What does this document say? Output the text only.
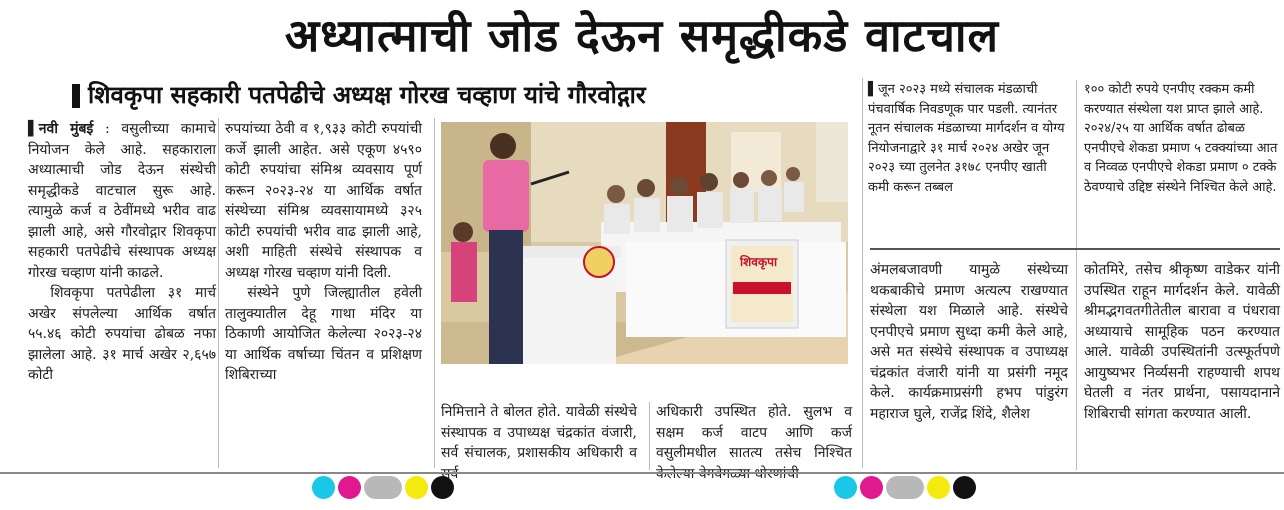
अध्यात्माची जोड देऊन समृद्धीकडे वाटचाल
शिवकृपा सहकारी पतपेढीचे अध्यक्ष गोरख चव्हाण यांचे गौरवोद्गार

▌नवी मुंबई : वसुलीच्या कामाचे नियोजन केले आहे. सहकाराला अध्यात्माची जोड देऊन संस्थेची समृद्धीकडे वाटचाल सुरू आहे. त्यामुळे कर्ज व ठेवींमध्ये भरीव वाढ झाली आहे, असे गौरवोद्गार शिवकृपा सहकारी पतपेढीचे संस्थापक अध्यक्ष गोरख चव्हाण यांनी काढले.

शिवकृपा पतपेढीला ३१ मार्च अखेर संपलेल्या आर्थिक वर्षात ५५.४६ कोटी रुपयांचा ढोबळ नफा झालेला आहे. ३१ मार्च अखेर २,६५७ कोटी

रुपयांच्या ठेवी व १,९३३ कोटी रुपयांची कर्जे झाली आहेत. असे एकूण ४५९० कोटी रुपयांचा संमिश्र व्यवसाय पूर्ण करून २०२३-२४ या आर्थिक वर्षात संस्थेच्या संमिश्र व्यवसायामध्ये ३२५ कोटी रुपयांची भरीव वाढ झाली आहे, अशी माहिती संस्थेचे संस्थापक व अध्यक्ष गोरख चव्हाण यांनी दिली.

संस्थेने पुणे जिल्ह्यातील हवेली तालुक्यातील देहू गाथा मंदिर या ठिकाणी आयोजित केलेल्या २०२३-२४ या आर्थिक वर्षाच्या चिंतन व प्रशिक्षण शिबिराच्या

शिवकृपा

निमित्ताने ते बोलत होते. यावेळी संस्थेचे संस्थापक व उपाध्यक्ष चंद्रकांत वंजारी, सर्व संचालक, प्रशासकीय अधिकारी व

अधिकारी उपस्थित होते. सुलभ व सक्षम कर्ज वाटप आणि कर्ज वसुलीमधील सातत्य तसेच निश्चित

▌जून २०२३ मध्ये संचालक मंडळाची पंचवार्षिक निवडणूक पार पडली. त्यानंतर नूतन संचालक मंडळाच्या मार्गदर्शन व योग्य नियोजनाद्वारे ३१ मार्च २०२४ अखेर जून २०२३ च्या तुलनेत ३१७८ एनपीए खाती कमी करून तब्बल

१०० कोटी रुपये एनपीए रक्कम कमी करण्यात संस्थेला यश प्राप्त झाले आहे. २०२४/२५ या आर्थिक वर्षात ढोबळ एनपीएचे शेकडा प्रमाण ५ टक्क्यांच्या आत व निव्वळ एनपीएचे शेकडा प्रमाण ० टक्के ठेवण्याचे उद्दिष्ट संस्थेने निश्चित केले आहे.

अंमलबजावणी यामुळे संस्थेच्या थकबाकीचे प्रमाण अत्यल्प राखण्यात संस्थेला यश मिळाले आहे. संस्थेचे एनपीएचे प्रमाण सुध्दा कमी केले आहे, असे मत संस्थेचे संस्थापक व उपाध्यक्ष चंद्रकांत वंजारी यांनी या प्रसंगी नमूद केले. कार्यक्रमाप्रसंगी हभप पांडुरंग महाराज घुले, राजेंद्र शिंदे, शैलेश

कोतमिरे, तसेच श्रीकृष्ण वाडेकर यांनी उपस्थित राहून मार्गदर्शन केले. यावेळी श्रीमद्भगवतगीतेतील बारावा व पंधरावा अध्यायाचे सामूहिक पठन करण्यात आले. यावेळी उपस्थितांनी उत्स्फूर्तपणे आयुष्यभर निर्व्यसनी राहण्याची शपथ घेतली व नंतर प्रार्थना, पसायदानाने शिबिराची सांगता करण्यात आली.
